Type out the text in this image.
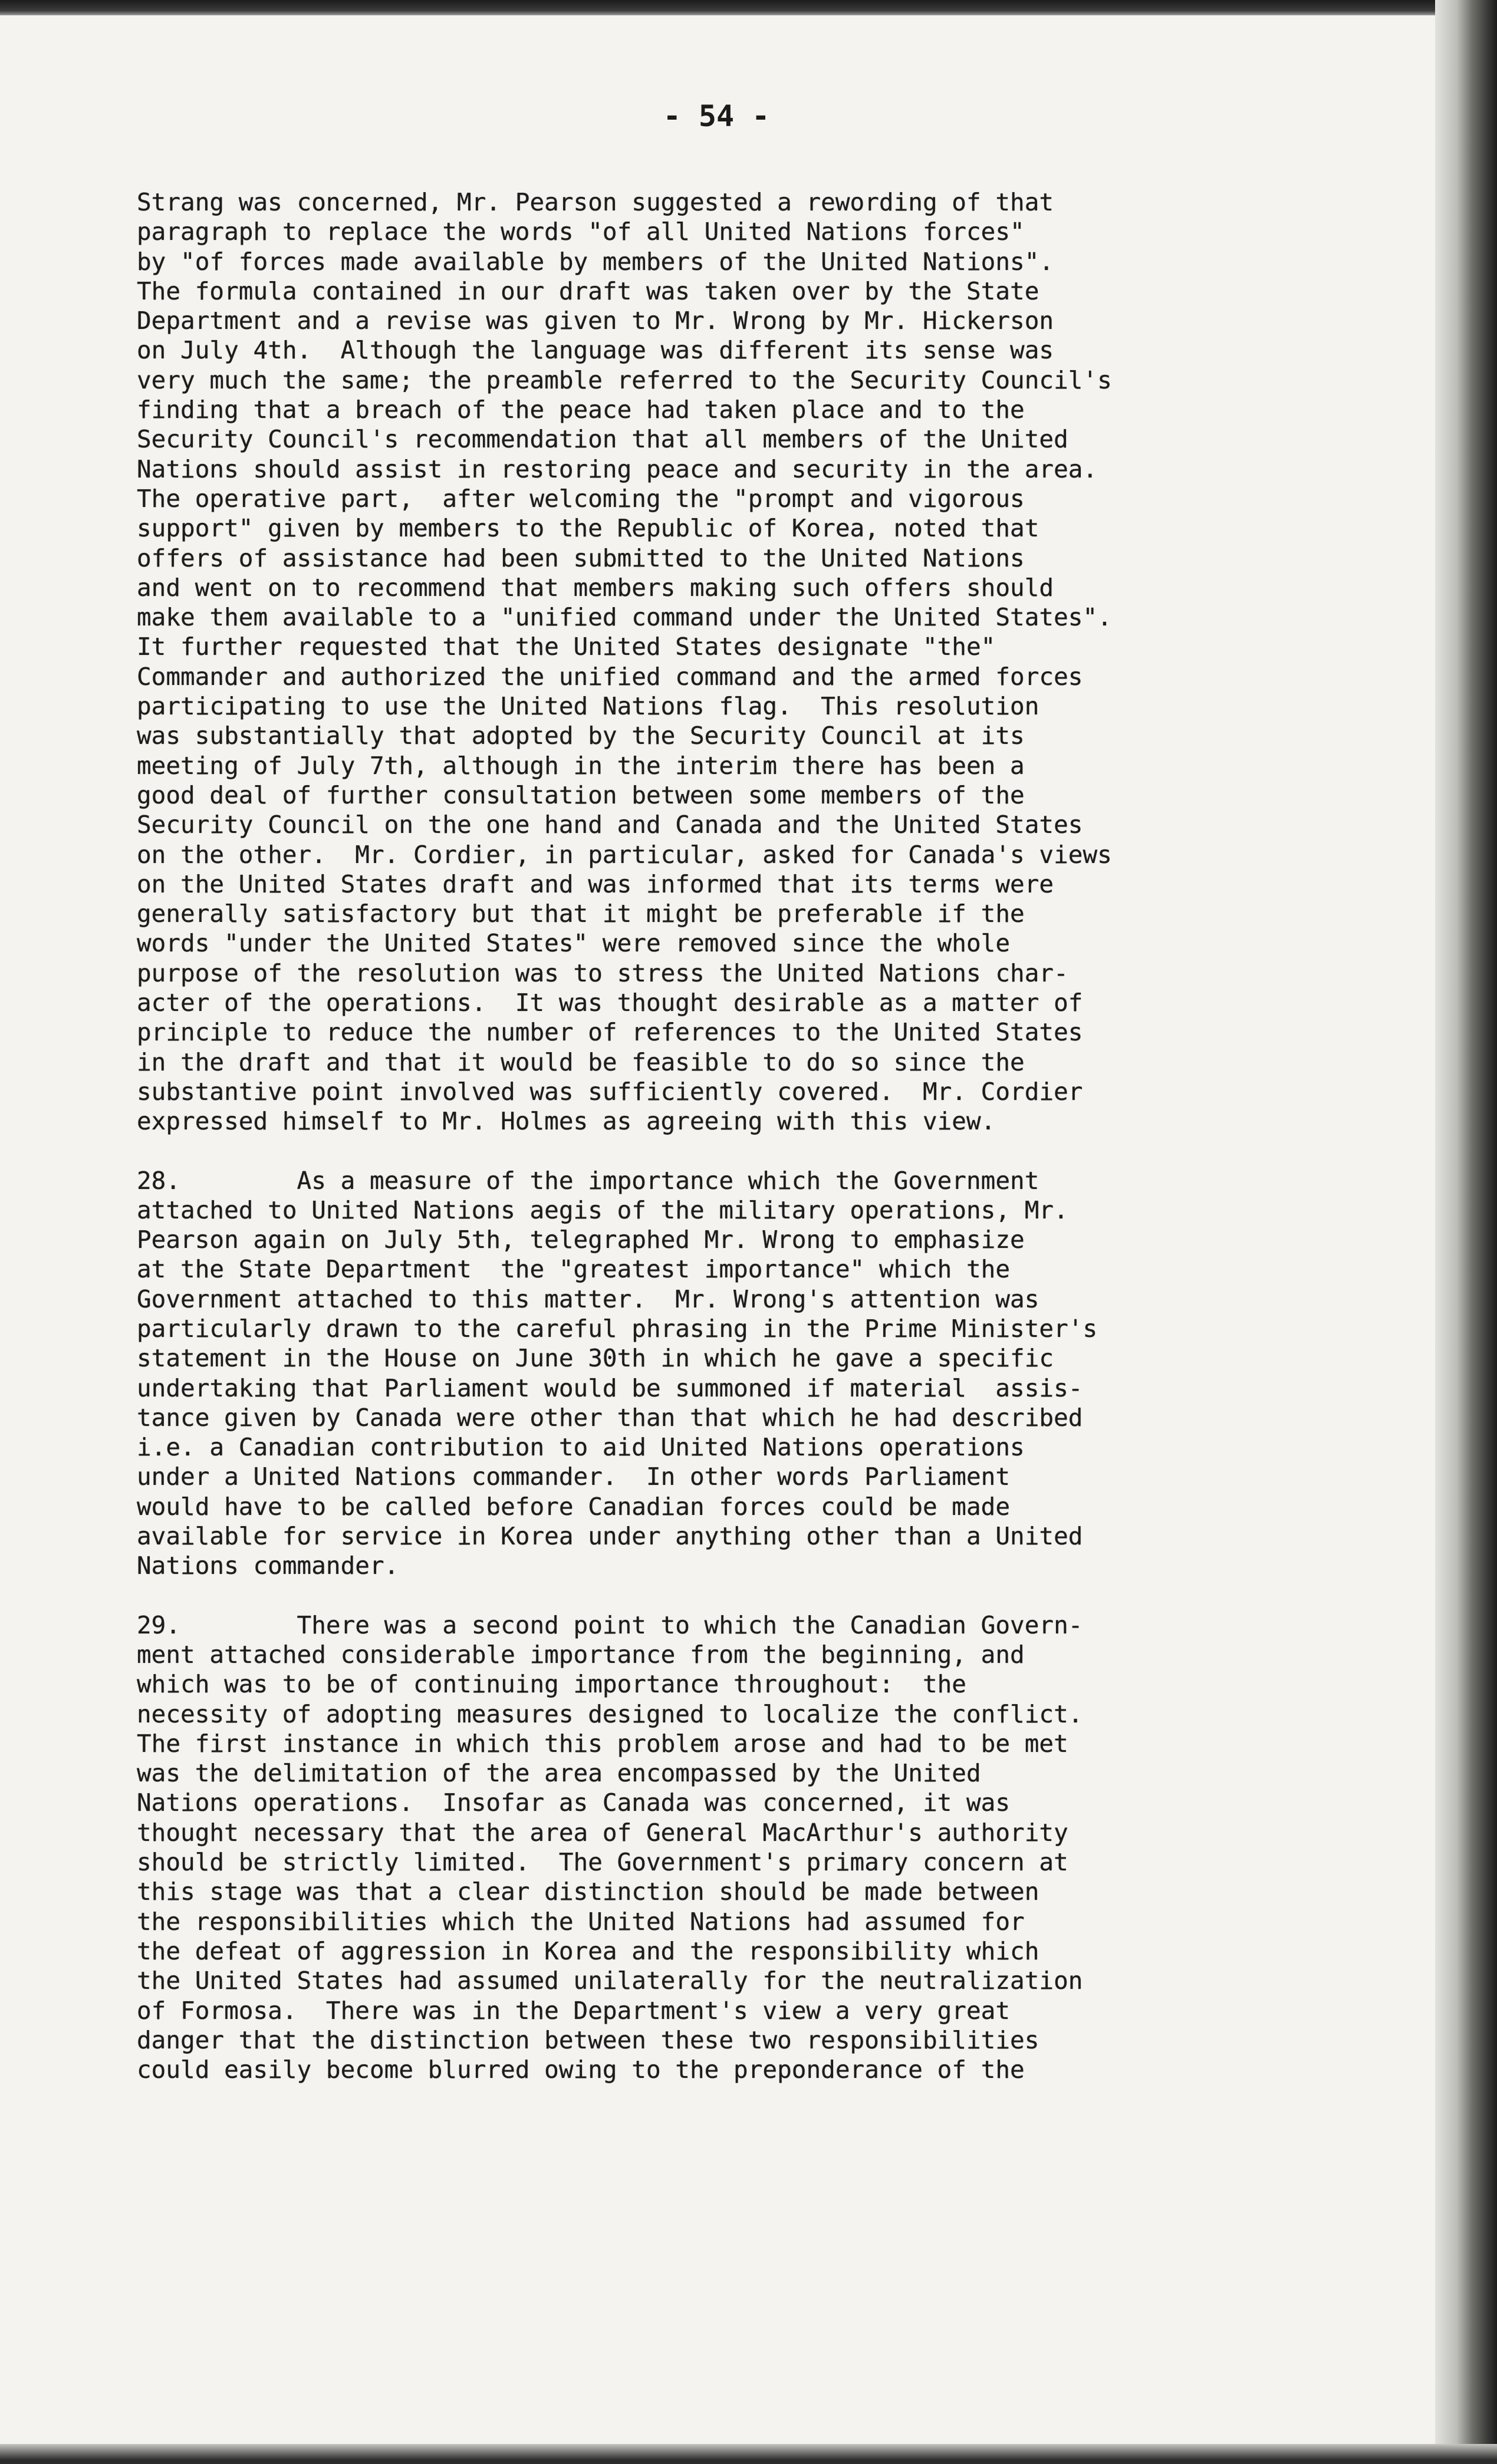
- 54 -

Strang was concerned, Mr. Pearson suggested a rewording of that
paragraph to replace the words "of all United Nations forces"
by "of forces made available by members of the United Nations".
The formula contained in our draft was taken over by the State
Department and a revise was given to Mr. Wrong by Mr. Hickerson
on July 4th.  Although the language was different its sense was
very much the same; the preamble referred to the Security Council's
finding that a breach of the peace had taken place and to the
Security Council's recommendation that all members of the United
Nations should assist in restoring peace and security in the area.
The operative part,  after welcoming the "prompt and vigorous
support" given by members to the Republic of Korea, noted that
offers of assistance had been submitted to the United Nations
and went on to recommend that members making such offers should
make them available to a "unified command under the United States".
It further requested that the United States designate "the"
Commander and authorized the unified command and the armed forces
participating to use the United Nations flag.  This resolution
was substantially that adopted by the Security Council at its
meeting of July 7th, although in the interim there has been a
good deal of further consultation between some members of the
Security Council on the one hand and Canada and the United States
on the other.  Mr. Cordier, in particular, asked for Canada's views
on the United States draft and was informed that its terms were
generally satisfactory but that it might be preferable if the
words "under the United States" were removed since the whole
purpose of the resolution was to stress the United Nations char-
acter of the operations.  It was thought desirable as a matter of
principle to reduce the number of references to the United States
in the draft and that it would be feasible to do so since the
substantive point involved was sufficiently covered.  Mr. Cordier
expressed himself to Mr. Holmes as agreeing with this view.

28.        As a measure of the importance which the Government
attached to United Nations aegis of the military operations, Mr.
Pearson again on July 5th, telegraphed Mr. Wrong to emphasize
at the State Department  the "greatest importance" which the
Government attached to this matter.  Mr. Wrong's attention was
particularly drawn to the careful phrasing in the Prime Minister's
statement in the House on June 30th in which he gave a specific
undertaking that Parliament would be summoned if material  assis-
tance given by Canada were other than that which he had described
i.e. a Canadian contribution to aid United Nations operations
under a United Nations commander.  In other words Parliament
would have to be called before Canadian forces could be made
available for service in Korea under anything other than a United
Nations commander.

29.        There was a second point to which the Canadian Govern-
ment attached considerable importance from the beginning, and
which was to be of continuing importance throughout:  the
necessity of adopting measures designed to localize the conflict.
The first instance in which this problem arose and had to be met
was the delimitation of the area encompassed by the United
Nations operations.  Insofar as Canada was concerned, it was
thought necessary that the area of General MacArthur's authority
should be strictly limited.  The Government's primary concern at
this stage was that a clear distinction should be made between
the responsibilities which the United Nations had assumed for
the defeat of aggression in Korea and the responsibility which
the United States had assumed unilaterally for the neutralization
of Formosa.  There was in the Department's view a very great
danger that the distinction between these two responsibilities
could easily become blurred owing to the preponderance of the
